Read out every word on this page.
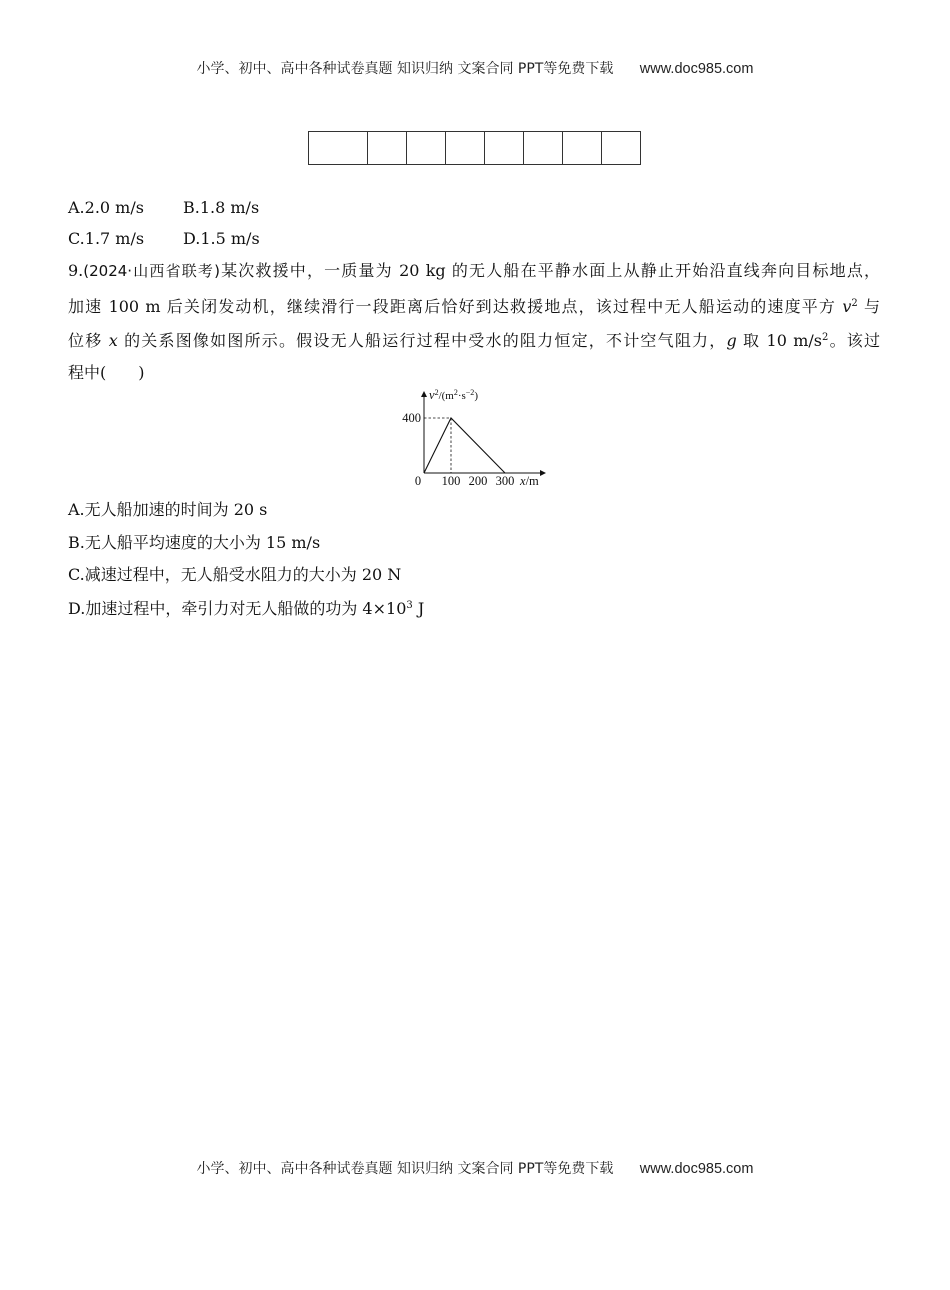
小学、初中、高中各种试卷真题 知识归纳 文案合同 PPT等免费下载 www.doc985.com

A.2.0 m/s B.1.8 m/s
C.1.7 m/s D.1.5 m/s

9.(2024·山西省联考)某次救援中，一质量为 20 kg 的无人船在平静水面上从静止开始沿直线奔向目标地点，

加速 100 m 后关闭发动机，继续滑行一段距离后恰好到达救援地点，该过程中无人船运动的速度平方 $v^2$ 与

位移 x 的关系图像如图所示。假设无人船运行过程中受水的阻力恒定，不计空气阻力，g 取 10 $m/s^2$。该过

程中(　　)

$v^2/(m^2\cdot s^{-2})$
x/m
0 100 200 300
400
A.无人船加速的时间为 20 s
B.无人船平均速度的大小为 15 m/s
C.减速过程中，无人船受水阻力的大小为 20 N
D.加速过程中，牵引力对无人船做的功为 $4\times 10^3$ J
小学、初中、高中各种试卷真题 知识归纳 文案合同 PPT等免费下载 www.doc985.com
